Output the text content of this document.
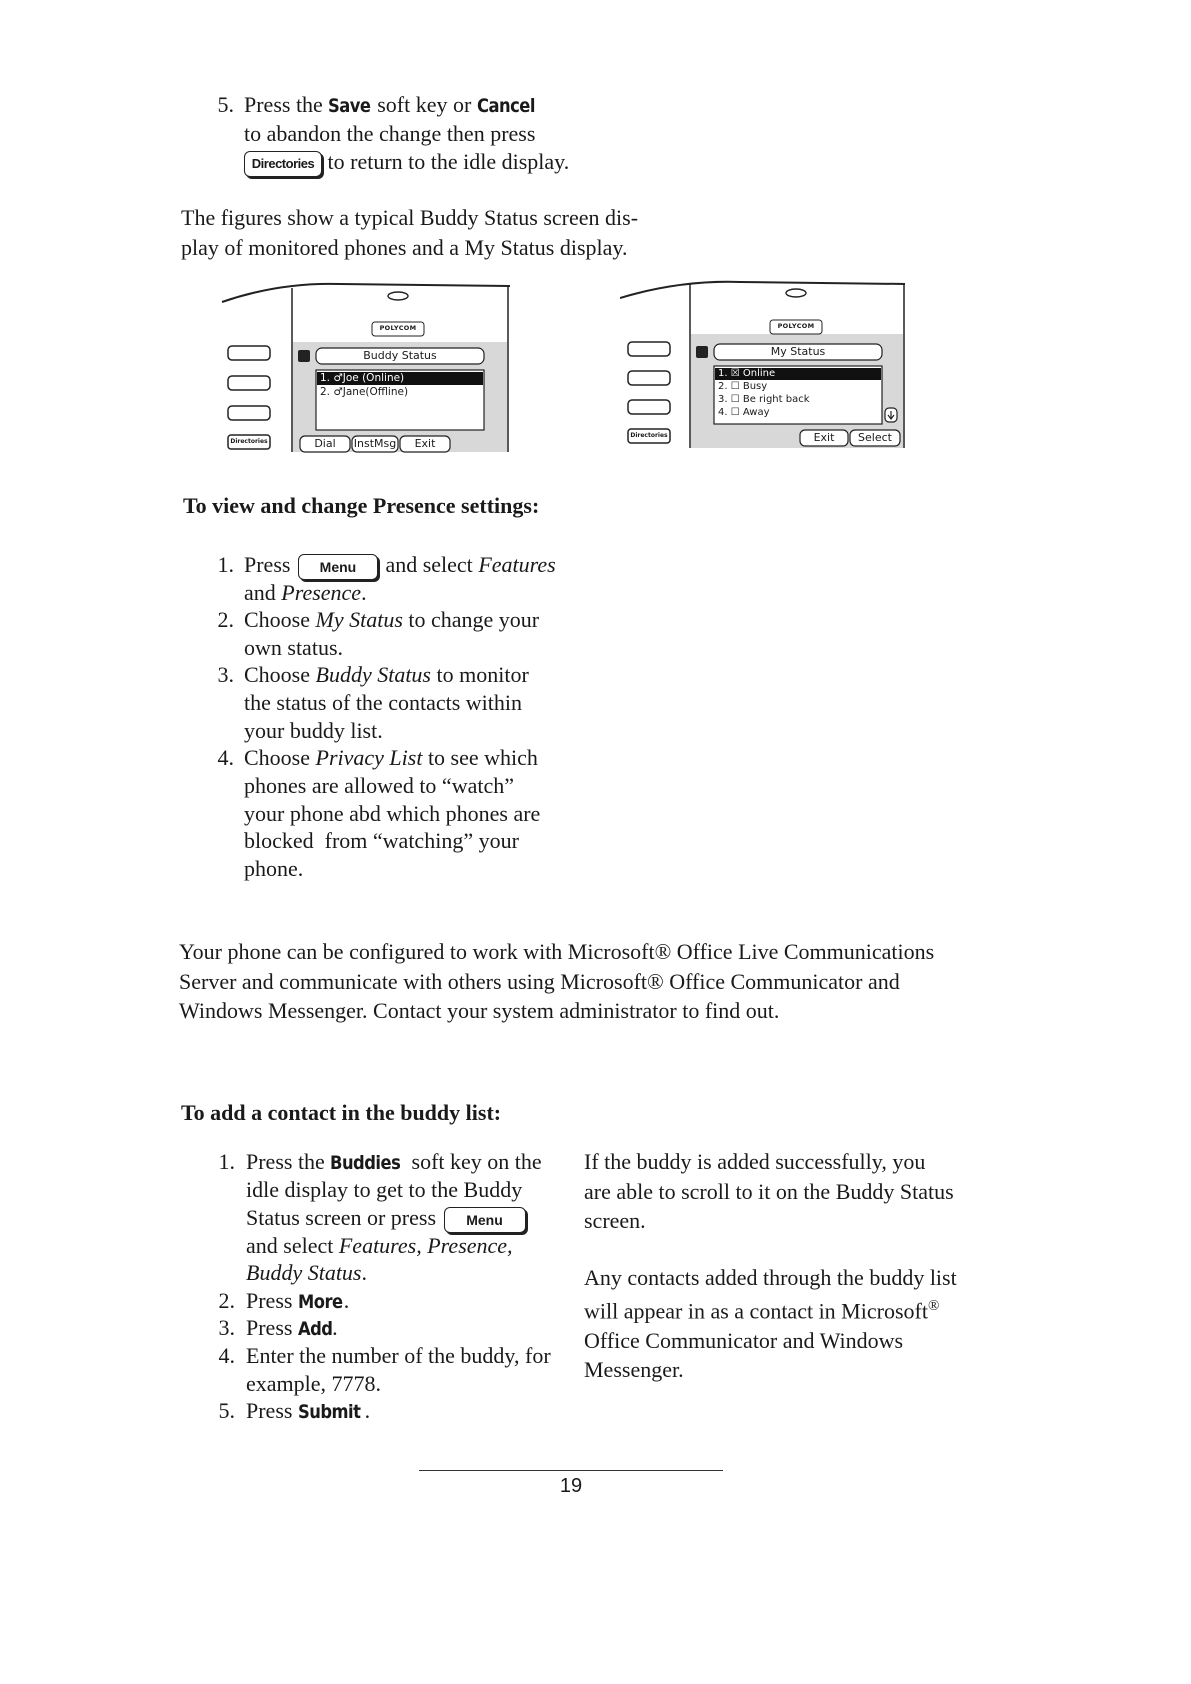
5. Press the Save soft key or Cancel
to abandon the change then press
Directories to return to the idle display.
The figures show a typical Buddy Status screen dis-
play of monitored phones and a My Status display.
POLYCOM
Buddy Status
1. ♂Joe (Online)
2. ♂Jane(Offline)
Directories	Dial	InstMsg	Exit
POLYCOM
My Status
1. ☒ Online
2. ☐ Busy
3. ☐ Be right back
4. ☐ Away
Directories	Exit	Select
To view and change Presence settings:
1. Press Menu and select Features
and Presence.
2. Choose My Status to change your
own status.
3. Choose Buddy Status to monitor
the status of the contacts within
your buddy list.
4. Choose Privacy List to see which
phones are allowed to “watch”
your phone abd which phones are
blocked  from “watching” your
phone.
Your phone can be configured to work with Microsoft® Office Live Communications
Server and communicate with others using Microsoft® Office Communicator and
Windows Messenger. Contact your system administrator to find out.
To add a contact in the buddy list:
1. Press the Buddies soft key on the
idle display to get to the Buddy
Status screen or press Menu
and select Features, Presence,
Buddy Status.
2. Press More.
3. Press Add.
4. Enter the number of the buddy, for
example, 7778.
5. Press Submit .
If the buddy is added successfully, you
are able to scroll to it on the Buddy Status
screen.
Any contacts added through the buddy list
will appear in as a contact in Microsoft®
Office Communicator and Windows
Messenger.
19
